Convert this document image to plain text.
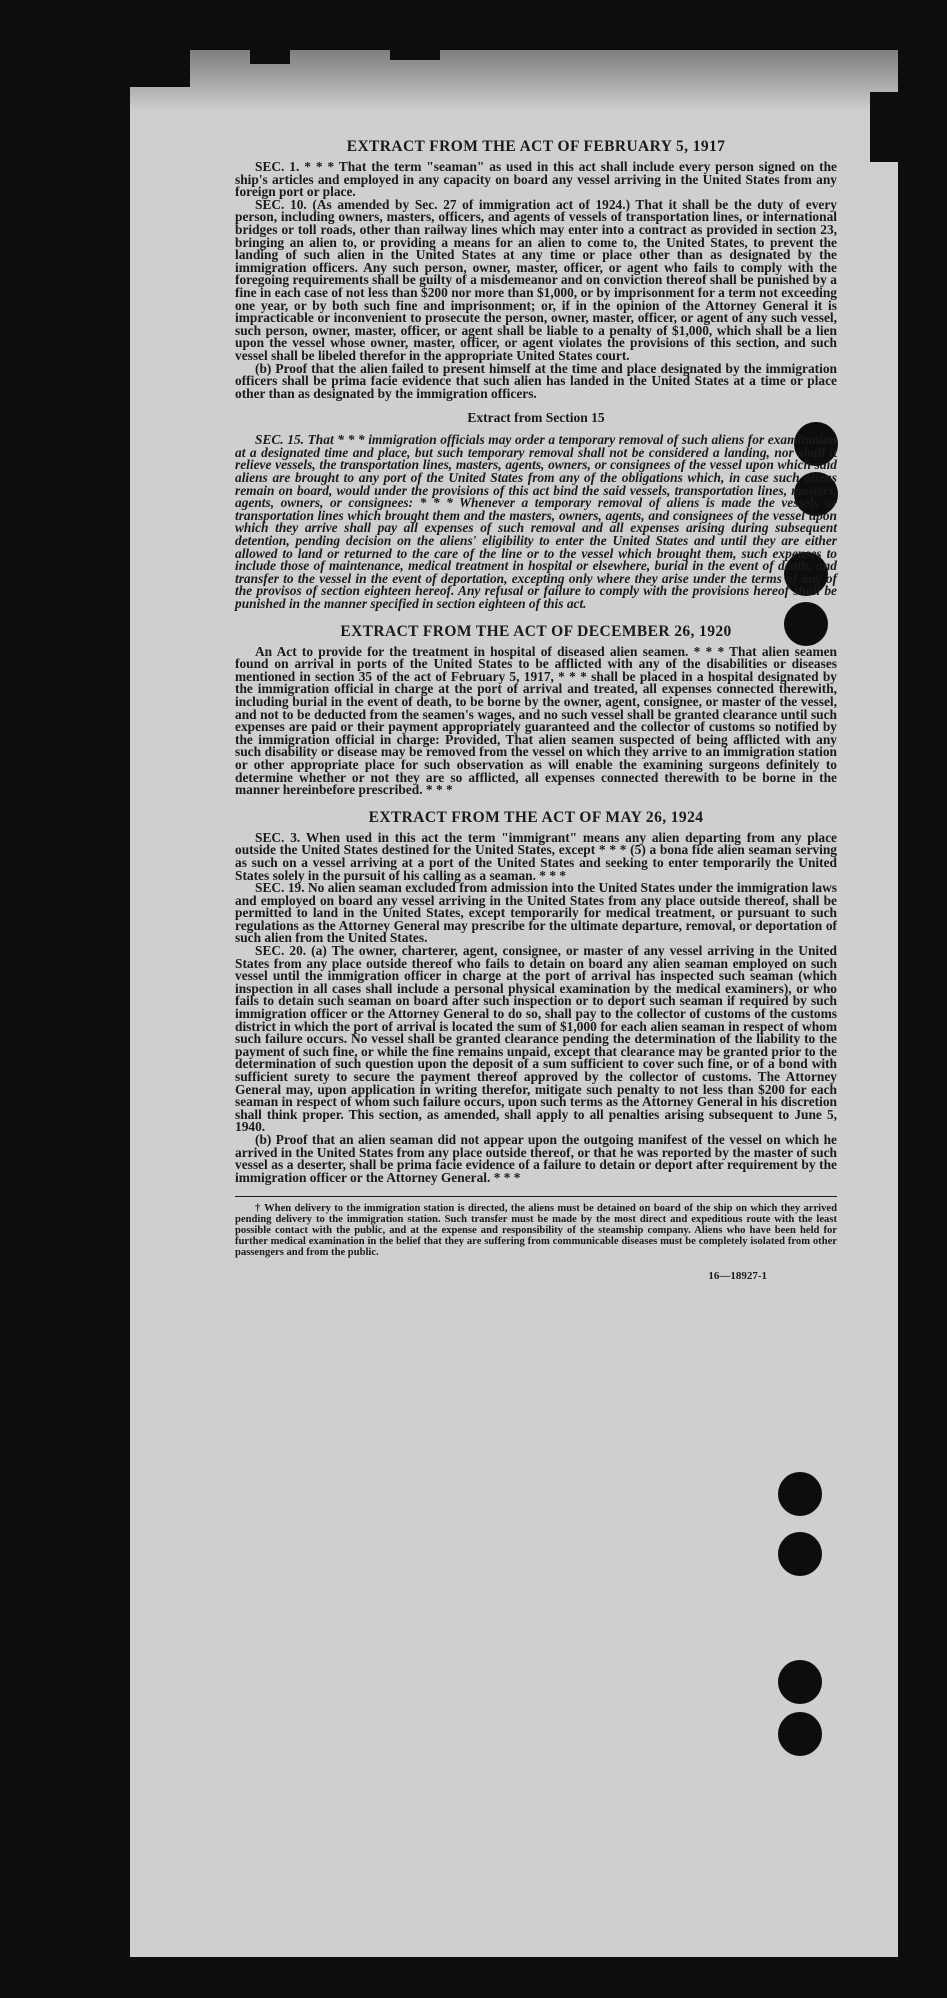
EXTRACT FROM THE ACT OF FEBRUARY 5, 1917

SEC. 1. * * * That the term "seaman" as used in this act shall include every person signed on the ship's articles and employed in any capacity on board any vessel arriving in the United States from any foreign port or place.

SEC. 10. (As amended by Sec. 27 of immigration act of 1924.) That it shall be the duty of every person, including owners, masters, officers, and agents of vessels of transportation lines, or international bridges or toll roads, other than railway lines which may enter into a contract as provided in section 23, bringing an alien to, or providing a means for an alien to come to, the United States, to prevent the landing of such alien in the United States at any time or place other than as designated by the immigration officers. Any such person, owner, master, officer, or agent who fails to comply with the foregoing requirements shall be guilty of a misdemeanor and on conviction thereof shall be punished by a fine in each case of not less than $200 nor more than $1,000, or by imprisonment for a term not exceeding one year, or by both such fine and imprisonment; or, if in the opinion of the Attorney General it is impracticable or inconvenient to prosecute the person, owner, master, officer, or agent of any such vessel, such person, owner, master, officer, or agent shall be liable to a penalty of $1,000, which shall be a lien upon the vessel whose owner, master, officer, or agent violates the provisions of this section, and such vessel shall be libeled therefor in the appropriate United States court.

(b) Proof that the alien failed to present himself at the time and place designated by the immigration officers shall be prima facie evidence that such alien has landed in the United States at a time or place other than as designated by the immigration officers.

Extract from Section 15

SEC. 15. That * * * immigration officials may order a temporary removal of such aliens for examination at a designated time and place, but such temporary removal shall not be considered a landing, nor shall it relieve vessels, the transportation lines, masters, agents, owners, or consignees of the vessel upon which said aliens are brought to any port of the United States from any of the obligations which, in case such aliens remain on board, would under the provisions of this act bind the said vessels, transportation lines, masters, agents, owners, or consignees: * * * Whenever a temporary removal of aliens is made the vessels or transportation lines which brought them and the masters, owners, agents, and consignees of the vessel upon which they arrive shall pay all expenses of such removal and all expenses arising during subsequent detention, pending decision on the aliens' eligibility to enter the United States and until they are either allowed to land or returned to the care of the line or to the vessel which brought them, such expenses to include those of maintenance, medical treatment in hospital or elsewhere, burial in the event of death, and transfer to the vessel in the event of deportation, excepting only where they arise under the terms of any of the provisos of section eighteen hereof. Any refusal or failure to comply with the provisions hereof shall be punished in the manner specified in section eighteen of this act.

EXTRACT FROM THE ACT OF DECEMBER 26, 1920

An Act to provide for the treatment in hospital of diseased alien seamen. * * * That alien seamen found on arrival in ports of the United States to be afflicted with any of the disabilities or diseases mentioned in section 35 of the act of February 5, 1917, * * * shall be placed in a hospital designated by the immigration official in charge at the port of arrival and treated, all expenses connected therewith, including burial in the event of death, to be borne by the owner, agent, consignee, or master of the vessel, and not to be deducted from the seamen's wages, and no such vessel shall be granted clearance until such expenses are paid or their payment appropriately guaranteed and the collector of customs so notified by the immigration official in charge: Provided, That alien seamen suspected of being afflicted with any such disability or disease may be removed from the vessel on which they arrive to an immigration station or other appropriate place for such observation as will enable the examining surgeons definitely to determine whether or not they are so afflicted, all expenses connected therewith to be borne in the manner hereinbefore prescribed. * * *

EXTRACT FROM THE ACT OF MAY 26, 1924

SEC. 3. When used in this act the term "immigrant" means any alien departing from any place outside the United States destined for the United States, except * * * (5) a bona fide alien seaman serving as such on a vessel arriving at a port of the United States and seeking to enter temporarily the United States solely in the pursuit of his calling as a seaman. * * *

SEC. 19. No alien seaman excluded from admission into the United States under the immigration laws and employed on board any vessel arriving in the United States from any place outside thereof, shall be permitted to land in the United States, except temporarily for medical treatment, or pursuant to such regulations as the Attorney General may prescribe for the ultimate departure, removal, or deportation of such alien from the United States.

SEC. 20. (a) The owner, charterer, agent, consignee, or master of any vessel arriving in the United States from any place outside thereof who fails to detain on board any alien seaman employed on such vessel until the immigration officer in charge at the port of arrival has inspected such seaman (which inspection in all cases shall include a personal physical examination by the medical examiners), or who fails to detain such seaman on board after such inspection or to deport such seaman if required by such immigration officer or the Attorney General to do so, shall pay to the collector of customs of the customs district in which the port of arrival is located the sum of $1,000 for each alien seaman in respect of whom such failure occurs. No vessel shall be granted clearance pending the determination of the liability to the payment of such fine, or while the fine remains unpaid, except that clearance may be granted prior to the determination of such question upon the deposit of a sum sufficient to cover such fine, or of a bond with sufficient surety to secure the payment thereof approved by the collector of customs. The Attorney General may, upon application in writing therefor, mitigate such penalty to not less than $200 for each seaman in respect of whom such failure occurs, upon such terms as the Attorney General in his discretion shall think proper. This section, as amended, shall apply to all penalties arising subsequent to June 5, 1940.

(b) Proof that an alien seaman did not appear upon the outgoing manifest of the vessel on which he arrived in the United States from any place outside thereof, or that he was reported by the master of such vessel as a deserter, shall be prima facie evidence of a failure to detain or deport after requirement by the immigration officer or the Attorney General. * * *

† When delivery to the immigration station is directed, the aliens must be detained on board of the ship on which they arrived pending delivery to the immigration station. Such transfer must be made by the most direct and expeditious route with the least possible contact with the public, and at the expense and responsibility of the steamship company. Aliens who have been held for further medical examination in the belief that they are suffering from communicable diseases must be completely isolated from other passengers and from the public.

16—18927-1
